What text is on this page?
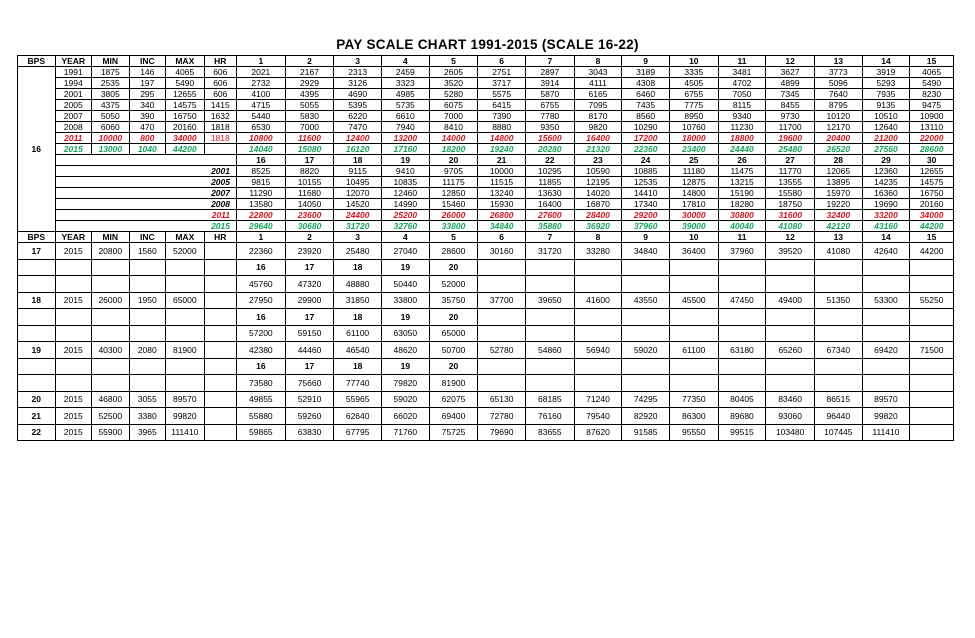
PAY SCALE CHART 1991-2015 (SCALE 16-22)
BPS	YEAR	MIN	INC	MAX	HR	1	2	3	4	5	6	7	8	9	10	11	12	13	14	15
16	1991	1875	146	4065	606	2021	2167	2313	2459	2605	2751	2897	3043	3189	3335	3481	3627	3773	3919	4065
	1994	2535	197	5490	606	2732	2929	3126	3323	3520	3717	3914	4111	4308	4505	4702	4899	5096	5293	5490
	2001	3805	295	12655	606	4100	4395	4690	4985	5280	5575	5870	6165	6460	6755	7050	7345	7640	7935	8230
	2005	4375	340	14575	1415	4715	5055	5395	5735	6075	6415	6755	7095	7435	7775	8115	8455	8795	9135	9475
	2007	5050	390	16750	1632	5440	5830	6220	6610	7000	7390	7780	8170	8560	8950	9340	9730	10120	10510	10900
	2008	6060	470	20160	1818	6530	7000	7470	7940	8410	8880	9350	9820	10290	10760	11230	11700	12170	12640	13110
	2011	10000	800	34000	1818	10800	11600	12400	13200	14000	14800	15600	16400	17200	18000	18800	19600	20400	21200	22000
	2015	13000	1040	44200		14040	15080	16120	17160	18200	19240	20280	21320	22360	23400	24440	25480	26520	27560	28600
						16	17	18	19	20	21	22	23	24	25	26	27	28	29	30
	2001					8525	8820	9115	9410	9705	10000	10295	10590	10885	11180	11475	11770	12065	12360	12655
	2005					9815	10155	10495	10835	11175	11515	11855	12195	12535	12875	13215	13555	13895	14235	14575
	2007					11290	11680	12070	12460	12850	13240	13630	14020	14410	14800	15190	15580	15970	16360	16750
	2008					13580	14050	14520	14990	15460	15930	16400	16870	17340	17810	18280	18750	19220	19690	20160
	2011					22800	23600	24400	25200	26000	26800	27600	28400	29200	30000	30800	31600	32400	33200	34000
	2015					29640	30680	31720	32760	33800	34840	35880	36920	37960	39000	40040	41080	42120	43160	44200
BPS	YEAR	MIN	INC	MAX	HR	1	2	3	4	5	6	7	8	9	10	11	12	13	14	15
17	2015	20800	1560	52000		22360	23920	25480	27040	28600	30160	31720	33280	34840	36400	37960	39520	41080	42640	44200
						16	17	18	19	20										
						45760	47320	48880	50440	52000										
18	2015	26000	1950	65000		27950	29900	31850	33800	35750	37700	39650	41600	43550	45500	47450	49400	51350	53300	55250
						16	17	18	19	20										
						57200	59150	61100	63050	65000										
19	2015	40300	2080	81900		42380	44460	46540	48620	50700	52780	54860	56940	59020	61100	63180	65260	67340	69420	71500
						16	17	18	19	20										
						73580	75660	77740	79820	81900										
20	2015	46800	3055	89570		49855	52910	55965	59020	62075	65130	68185	71240	74295	77350	80405	83460	86515	89570	
21	2015	52500	3380	99820		55880	59260	62640	66020	69400	72780	76160	79540	82920	86300	89680	93060	96440	99820	
22	2015	55900	3965	111410		59865	63830	67795	71760	75725	79690	83655	87620	91585	95550	99515	103480	107445	111410	
